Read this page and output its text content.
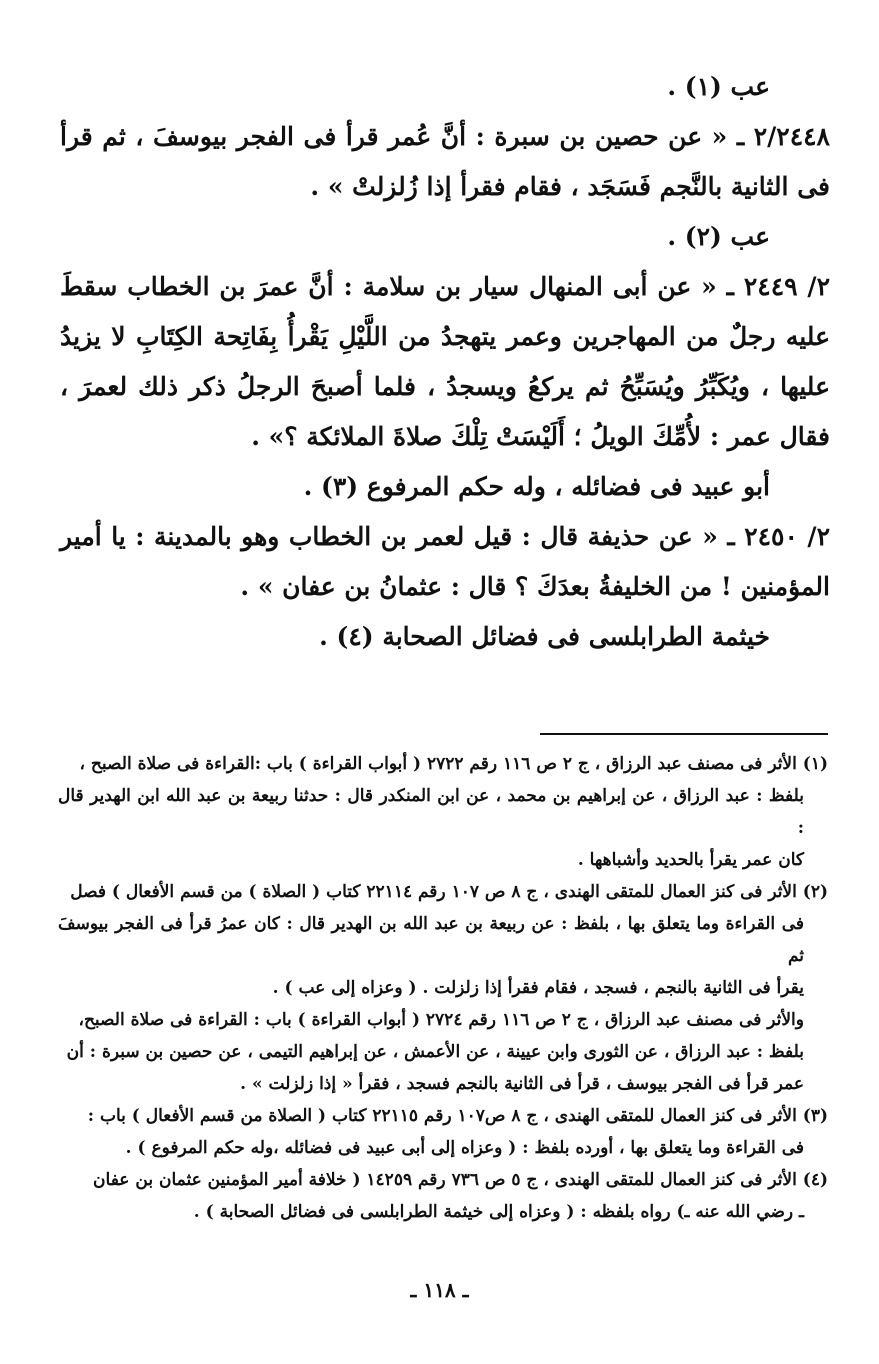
عب (١) .

٢/٢٤٤٨ ـ « عن حصين بن سبرة : أنَّ عُمر قرأ فى الفجر بيوسفَ ، ثم قرأ فى الثانية بالنَّجم فَسَجَد ، فقام فقرأ إذا زُلزلتْ » .

عب (٢) .

٢/ ٢٤٤٩ ـ « عن أبى المنهال سيار بن سلامة : أنَّ عمرَ بن الخطاب سقطَ عليه رجلٌ من المهاجرين وعمر يتهجدُ من اللَّيْلِ يَقْرأُ بِفَاتِحة الكِتَابِ لا يزيدُ عليها ، ويُكَبِّرُ ويُسَبِّحُ ثم يركعُ ويسجدُ ، فلما أصبحَ الرجلُ ذكر ذلك لعمرَ ، فقال عمر : لأُمِّكَ الويلُ ؛ أَلَيْسَتْ تِلْكَ صلاةَ الملائكة ؟» .

أبو عبيد فى فضائله ، وله حكم المرفوع (٣) .

٢/ ٢٤٥٠ ـ « عن حذيفة قال : قيل لعمر بن الخطاب وهو بالمدينة : يا أمير المؤمنين ! من الخليفةُ بعدَكَ ؟ قال : عثمانُ بن عفان » .

خيثمة الطرابلسى فى فضائل الصحابة (٤) .

(١) الأثر فى مصنف عبد الرزاق ، ج ٢ ص ١١٦ رقم ٢٧٢٢ ( أبواب القراءة ) باب :القراءة فى صلاة الصبح ،
بلفظ : عبد الرزاق ، عن إبراهيم بن محمد ، عن ابن المنكدر قال : حدثنا ربيعة بن عبد الله ابن الهدير قال :
كان عمر يقرأ بالحديد وأشباهها .
(٢) الأثر فى كنز العمال للمتقى الهندى ، ج ٨ ص ١٠٧ رقم ٢٢١١٤ كتاب ( الصلاة ) من قسم الأفعال ) فصل
فى القراءة وما يتعلق بها ، بلفظ : عن ربيعة بن عبد الله بن الهدير قال : كان عمرُ قرأ فى الفجر بيوسفَ ثم
يقرأ فى الثانية بالنجم ، فسجد ، فقام فقرأ إذا زلزلت . ( وعزاه إلى عب ) .
والأثر فى مصنف عبد الرزاق ، ج ٢ ص ١١٦ رقم ٢٧٢٤ ( أبواب القراءة ) باب : القراءة فى صلاة الصبح،
بلفظ : عبد الرزاق ، عن الثورى وابن عيينة ، عن الأعمش ، عن إبراهيم التيمى ، عن حصين بن سبرة : أن
عمر قرأ فى الفجر بيوسف ، قرأ فى الثانية بالنجم فسجد ، فقرأ « إذا زلزلت » .
(٣) الأثر فى كنز العمال للمتقى الهندى ، ج ٨ ص١٠٧ رقم ٢٢١١٥ كتاب ( الصلاة من قسم الأفعال ) باب :
فى القراءة وما يتعلق بها ، أورده بلفظ : ( وعزاه إلى أبى عبيد فى فضائله ،وله حكم المرفوع ) .
(٤) الأثر فى كنز العمال للمتقى الهندى ، ج ٥ ص ٧٣٦ رقم ١٤٢٥٩ ( خلافة أمير المؤمنين عثمان بن عفان
ـ رضي الله عنه ـ) رواه بلفظه : ( وعزاه إلى خيثمة الطرابلسى فى فضائل الصحابة ) .
ـ ١١٨ ـ
